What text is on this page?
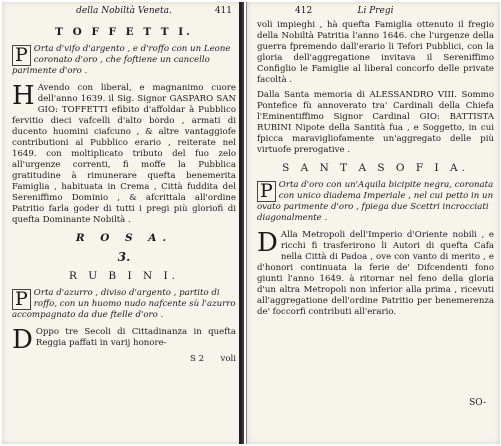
della Nobiltà Veneta.	411
T O F F E T T I.
P Orta d'vifo d'argento , e d'roffo con un Leone coronato d'oro , che foftiene un cancello parimente d'oro .
H Avendo con liberal, e magnanimo cuore dell'anno 1639. il Sig. Signor GASPARO SAN GIO: TOFFETTI efibito d'affoldar à Pubblico fervitio dieci vafcelli d'alto bordo , armati di ducento huomini ciafcuno , & altre vantaggiofe contributioni al Pubblico erario , reiterate nel 1649. con moltiplicato tributo del fuo zelo all'urgenze correnti, fi moffe la Pubblica gratitudine à rimunerare quefta benemerita Famiglia , habituata in Crema , Città fuddita del Sereniffimo Dominio , & afcrittala all'ordine Patritio farla goder di tutti i pregi più gloriofi di quefta Dominante Nobiltà .
R O S A.
3.
R U B I N I.
P Orta d'azurro , diviso d'argento , partito di roffo, con un huomo nudo nafcente sù l'azurro accompagnato da due ftelle d'oro .
D Oppo tre Secoli di Cittadinanza in quefta Reggia paffati in varij honore-
S 2 voli
412	Li Pregi

voli impieghi , hà quefta Famiglia ottenuto il fregio della Nobiltà Patritia l'anno 1646. che l'urgenze della guerra fpremendo dall'erario li Tefori Pubblici, con la gloria dell'aggregatione invitava il Sereniffimo Configlio le Famiglie al liberal concorfo delle private facoltà .

Dalla Santa memoria di ALESSANDRO VIII. Sommo Pontefice fù annoverato tra' Cardinali della Chiefa l'Eminentiffimo Signor Cardinal GIO: BATTISTA RUBINI Nipote della Santità fua , e Soggetto, in cui fpicca maravigliofamente un'aggregato delle più virtuofe prerogative .

S A N T A S O F I A.
P Orta d'oro con un'Aquila bicipite negra, coronata con unico diadema Imperiale , nel cui petto in un ovato parimente d'oro , fpiega due Scettri incrocciati diagonalmente .
D Alla Metropoli dell'Imperio d'Oriente nobili , e ricchi fi trasferirono li Autori di quefta Cafa nella Città di Padoa , ove con vanto di merito , e d'honori continuata la ferie de' Difcendenti fono giunti l'anno 1649. à ritornar nel feno della gloria d'un altra Metropoli non inferior alla prima , ricevuti all'aggregatione dell'ordine Patritio per benemerenza de' foccorfi contributi all'erario.
SO-
